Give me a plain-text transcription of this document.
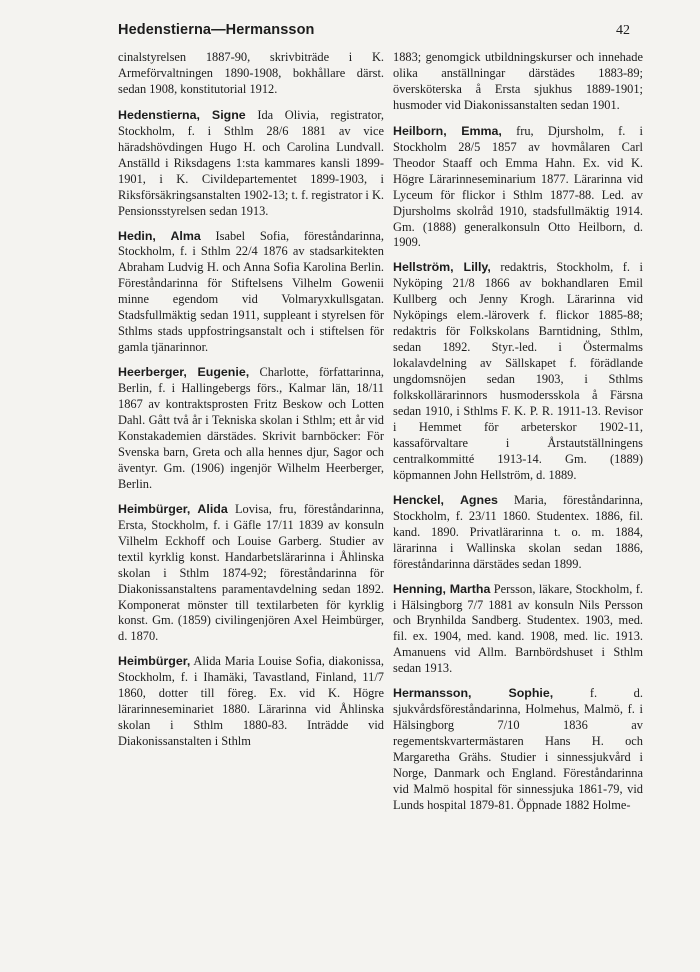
Hedenstierna—Hermansson	42

cinalstyrelsen 1887-90, skrivbiträde i K. Armeförvaltningen 1890-1908, bokhållare därst. sedan 1908, konstitutorial 1912.

Hedenstierna, Signe Ida Olivia, registrator, Stockholm, f. i Sthlm 28/6 1881 av vice häradshövdingen Hugo H. och Carolina Lundvall. Anställd i Riksdagens 1:sta kammares kansli 1899-1901, i K. Civildepartementet 1899-1903, i Riksförsäkringsanstalten 1902-13; t. f. registrator i K. Pensionsstyrelsen sedan 1913.

Hedin, Alma Isabel Sofia, föreståndarinna, Stockholm, f. i Sthlm 22/4 1876 av stadsarkitekten Abraham Ludvig H. och Anna Sofia Karolina Berlin. Föreståndarinna för Stiftelsens Vilhelm Gowenii minne egendom vid Volmaryxkullsgatan. Stadsfullmäktig sedan 1911, suppleant i styrelsen för Sthlms stads uppfostringsanstalt och i stiftelsen för gamla tjänarinnor.

Heerberger, Eugenie, Charlotte, författarinna, Berlin, f. i Hallingebergs förs., Kalmar län, 18/11 1867 av kontraktsprosten Fritz Beskow och Lotten Dahl. Gått två år i Tekniska skolan i Sthlm; ett år vid Konstakademien därstädes. Skrivit barnböcker: För Svenska barn, Greta och alla hennes djur, Sagor och äventyr. Gm. (1906) ingenjör Wilhelm Heerberger, Berlin.

Heimbürger, Alida Lovisa, fru, föreståndarinna, Ersta, Stockholm, f. i Gäfle 17/11 1839 av konsuln Vilhelm Eckhoff och Louise Garberg. Studier av textil kyrklig konst. Handarbetslärarinna i Åhlinska skolan i Sthlm 1874-92; föreståndarinna för Diakonissanstaltens paramentavdelning sedan 1892. Komponerat mönster till textilarbeten för kyrklig konst. Gm. (1859) civilingenjören Axel Heimbürger, d. 1870.

Heimbürger, Alida Maria Louise Sofia, diakonissa, Stockholm, f. i Ihamäki, Tavastland, Finland, 11/7 1860, dotter till föreg. Ex. vid K. Högre lärarinneseminariet 1880. Lärarinna vid Åhlinska skolan i Sthlm 1880-83. Inträdde vid Diakonissanstalten i Sthlm

1883; genomgick utbildningskurser och innehade olika anställningar därstädes 1883-89; översköterska å Ersta sjukhus 1889-1901; husmoder vid Diakonissanstalten sedan 1901.

Heilborn, Emma, fru, Djursholm, f. i Stockholm 28/5 1857 av hovmålaren Carl Theodor Staaff och Emma Hahn. Ex. vid K. Högre Lärarinneseminarium 1877. Lärarinna vid Lyceum för flickor i Sthlm 1877-88. Led. av Djursholms skolråd 1910, stadsfullmäktig 1914. Gm. (1888) generalkonsuln Otto Heilborn, d. 1909.

Hellström, Lilly, redaktris, Stockholm, f. i Nyköping 21/8 1866 av bokhandlaren Emil Kullberg och Jenny Krogh. Lärarinna vid Nyköpings elem.-läroverk f. flickor 1885-88; redaktris för Folkskolans Barntidning, Sthlm, sedan 1892. Styr.-led. i Östermalms lokalavdelning av Sällskapet f. förädlande ungdomsnöjen sedan 1903, i Sthlms folkskollärarinnors husmodersskola å Färsna sedan 1910, i Sthlms F. K. P. R. 1911-13. Revisor i Hemmet för arbeterskor 1902-11, kassaförvaltare i Årstautställningens centralkommitté 1913-14. Gm. (1889) köpmannen John Hellström, d. 1889.

Henckel, Agnes Maria, föreståndarinna, Stockholm, f. 23/11 1860. Studentex. 1886, fil. kand. 1890. Privatlärarinna t. o. m. 1884, lärarinna i Wallinska skolan sedan 1886, föreståndarinna därstädes sedan 1899.

Henning, Martha Persson, läkare, Stockholm, f. i Hälsingborg 7/7 1881 av konsuln Nils Persson och Brynhilda Sandberg. Studentex. 1903, med. fil. ex. 1904, med. kand. 1908, med. lic. 1913. Amanuens vid Allm. Barnbördshuset i Sthlm sedan 1913.

Hermansson, Sophie,	f. d. sjukvårdsföreståndarinna, Holmehus, Malmö, f. i Hälsingborg 7/10 1836 av regementskvartermästaren Hans H. och Margaretha Grähs. Studier i sinnessjukvård i Norge, Danmark och England. Föreståndarinna vid Malmö hospital för sinnessjuka 1861-79, vid Lunds hospital 1879-81. Öppnade 1882 Holme-
